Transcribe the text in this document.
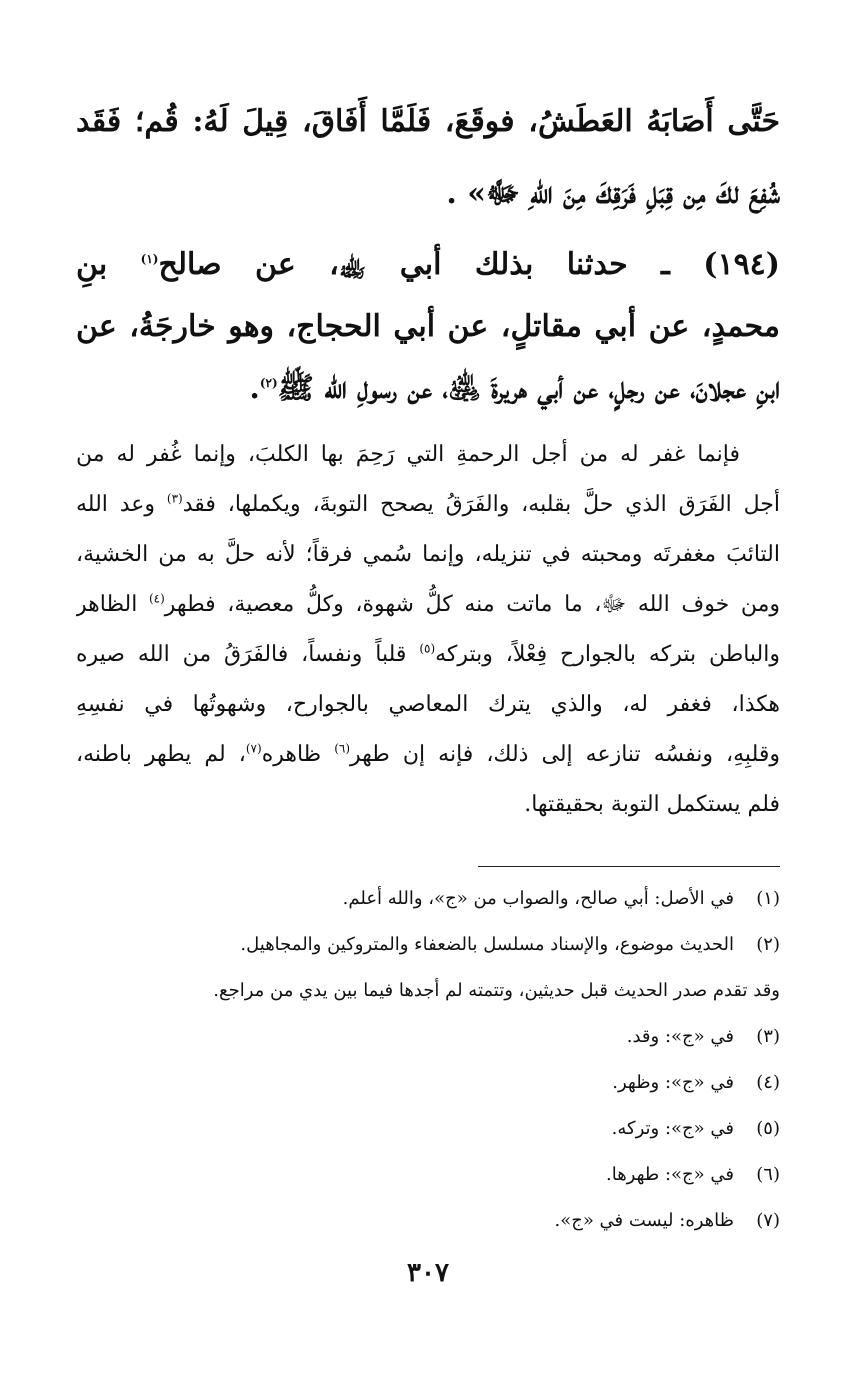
حَتَّى أَصَابَهُ العَطَشُ، فوقَعَ، فَلَمَّا أَفَاقَ، قِيلَ لَهُ: قُم؛ فَقَد
شُفِعَ لكَ مِن قِبَلِ فَرَقِكَ مِنَ اللهِ ﷻ» .
(١٩٤) ـ حدثنا بذلك أبي ﵀، عن صالح$^{(١)}$ بنِ
محمدٍ، عن أبي مقاتلٍ، عن أبي الحجاج، وهو خارجَةُ، عن
ابنِ عجلانَ، عن رجلٍ، عن أبي هريرةَ ﵁، عن رسولِ الله ﷺ$^{(٢)}$.
فإنما غفر له من أجل الرحمةِ التي رَحِمَ بها الكلبَ، وإنما غُفر له من
أجل الفَرَق الذي حلَّ بقلبه، والفَرَقُ يصحح التوبةَ، ويكملها، فقد$^{(٣)}$ وعد الله
التائبَ مغفرتَه ومحبته في تنزيله، وإنما سُمي فرقاً؛ لأنه حلَّ به من الخشية،
ومن خوف الله ﷻ، ما ماتت منه كلُّ شهوة، وكلُّ معصية، فطهر$^{(٤)}$ الظاهر
والباطن بتركه بالجوارح فِعْلاً، وبتركه$^{(٥)}$ قلباً ونفساً، فالفَرَقُ من الله صيره
هكذا، فغفر له، والذي يترك المعاصي بالجوارح، وشهوتُها في نفسِهِ
وقلبِهِ، ونفسُه تنازعه إلى ذلك، فإنه إن طهر$^{(٦)}$ ظاهره$^{(٧)}$، لم يطهر باطنه،
فلم يستكمل التوبة بحقيقتها.
(١)في الأصل: أبي صالح، والصواب من «ج»، والله أعلم.
(٢)الحديث موضوع، والإسناد مسلسل بالضعفاء والمتروكين والمجاهيل.
وقد تقدم صدر الحديث قبل حديثين، وتتمته لم أجدها فيما بين يدي من مراجع.
(٣)في «ج»: وقد.
(٤)في «ج»: وظهر.
(٥)في «ج»: وتركه.
(٦)في «ج»: طهرها.
(٧)ظاهره: ليست في «ج».
٣٠٧
